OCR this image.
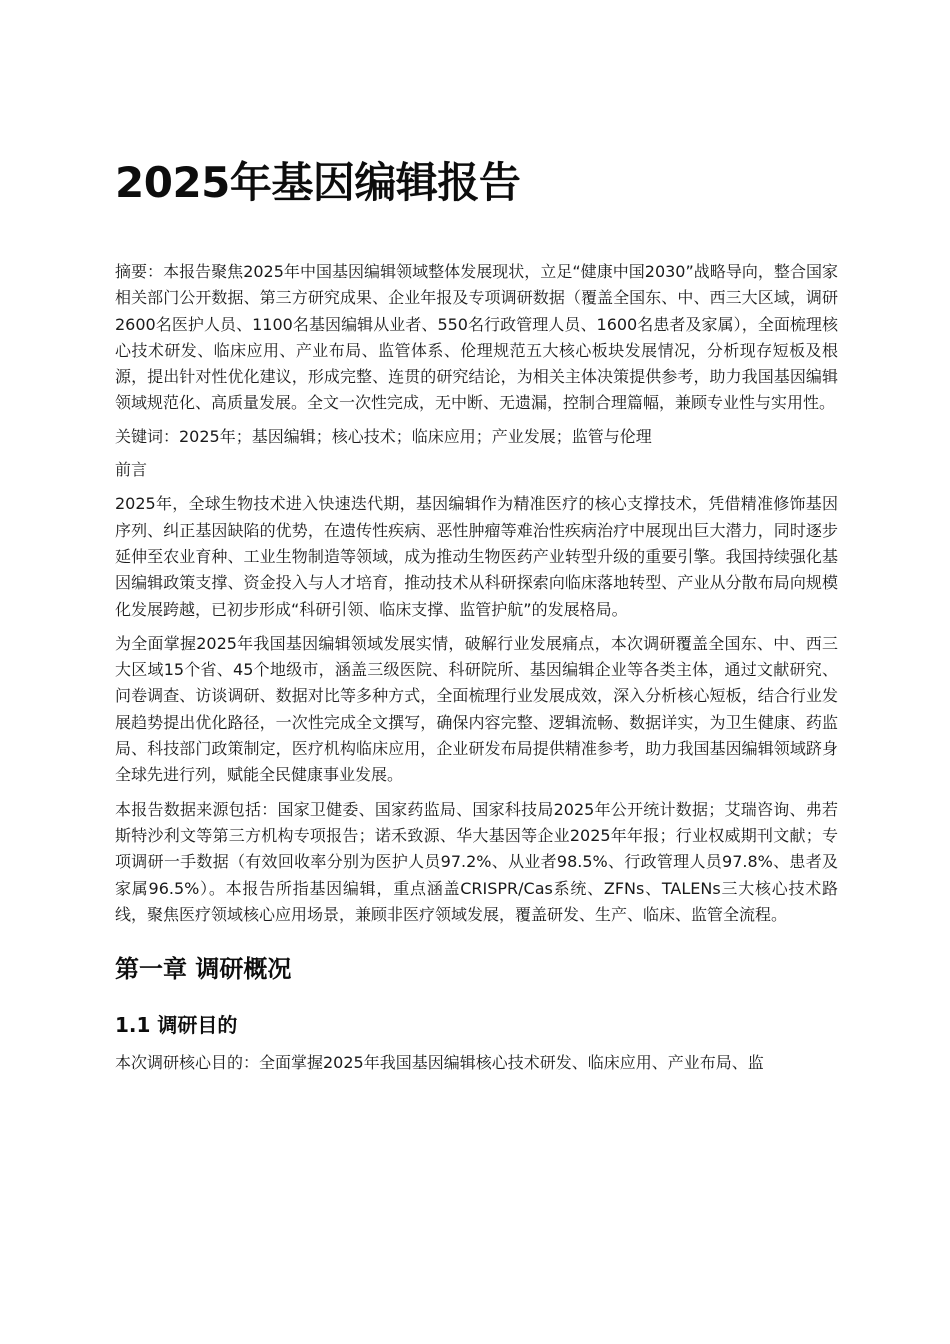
2025年基因编辑报告

摘要：本报告聚焦2025年中国基因编辑领域整体发展现状，立足“健康中国2030”战略导向，整合国家相关部门公开数据、第三方研究成果、企业年报及专项调研数据（覆盖全国东、中、西三大区域，调研2600名医护人员、1100名基因编辑从业者、550名行政管理人员、1600名患者及家属），全面梳理核心技术研发、临床应用、产业布局、监管体系、伦理规范五大核心板块发展情况，分析现存短板及根源，提出针对性优化建议，形成完整、连贯的研究结论，为相关主体决策提供参考，助力我国基因编辑领域规范化、高质量发展。全文一次性完成，无中断、无遗漏，控制合理篇幅，兼顾专业性与实用性。

关键词：2025年；基因编辑；核心技术；临床应用；产业发展；监管与伦理

前言

2025年，全球生物技术进入快速迭代期，基因编辑作为精准医疗的核心支撑技术，凭借精准修饰基因序列、纠正基因缺陷的优势，在遗传性疾病、恶性肿瘤等难治性疾病治疗中展现出巨大潜力，同时逐步延伸至农业育种、工业生物制造等领域，成为推动生物医药产业转型升级的重要引擎。我国持续强化基因编辑政策支撑、资金投入与人才培育，推动技术从科研探索向临床落地转型、产业从分散布局向规模化发展跨越，已初步形成“科研引领、临床支撑、监管护航”的发展格局。

为全面掌握2025年我国基因编辑领域发展实情，破解行业发展痛点，本次调研覆盖全国东、中、西三大区域15个省、45个地级市，涵盖三级医院、科研院所、基因编辑企业等各类主体，通过文献研究、问卷调查、访谈调研、数据对比等多种方式，全面梳理行业发展成效，深入分析核心短板，结合行业发展趋势提出优化路径，一次性完成全文撰写，确保内容完整、逻辑流畅、数据详实，为卫生健康、药监局、科技部门政策制定，医疗机构临床应用，企业研发布局提供精准参考，助力我国基因编辑领域跻身全球先进行列，赋能全民健康事业发展。

本报告数据来源包括：国家卫健委、国家药监局、国家科技局2025年公开统计数据；艾瑞咨询、弗若斯特沙利文等第三方机构专项报告；诺禾致源、华大基因等企业2025年年报；行业权威期刊文献；专项调研一手数据（有效回收率分别为医护人员97.2%、从业者98.5%、行政管理人员97.8%、患者及家属96.5%）。本报告所指基因编辑，重点涵盖CRISPR/Cas系统、ZFNs、TALENs三大核心技术路线，聚焦医疗领域核心应用场景，兼顾非医疗领域发展，覆盖研发、生产、临床、监管全流程。

第一章 调研概况
1.1 调研目的

本次调研核心目的：全面掌握2025年我国基因编辑核心技术研发、临床应用、产业布局、监
